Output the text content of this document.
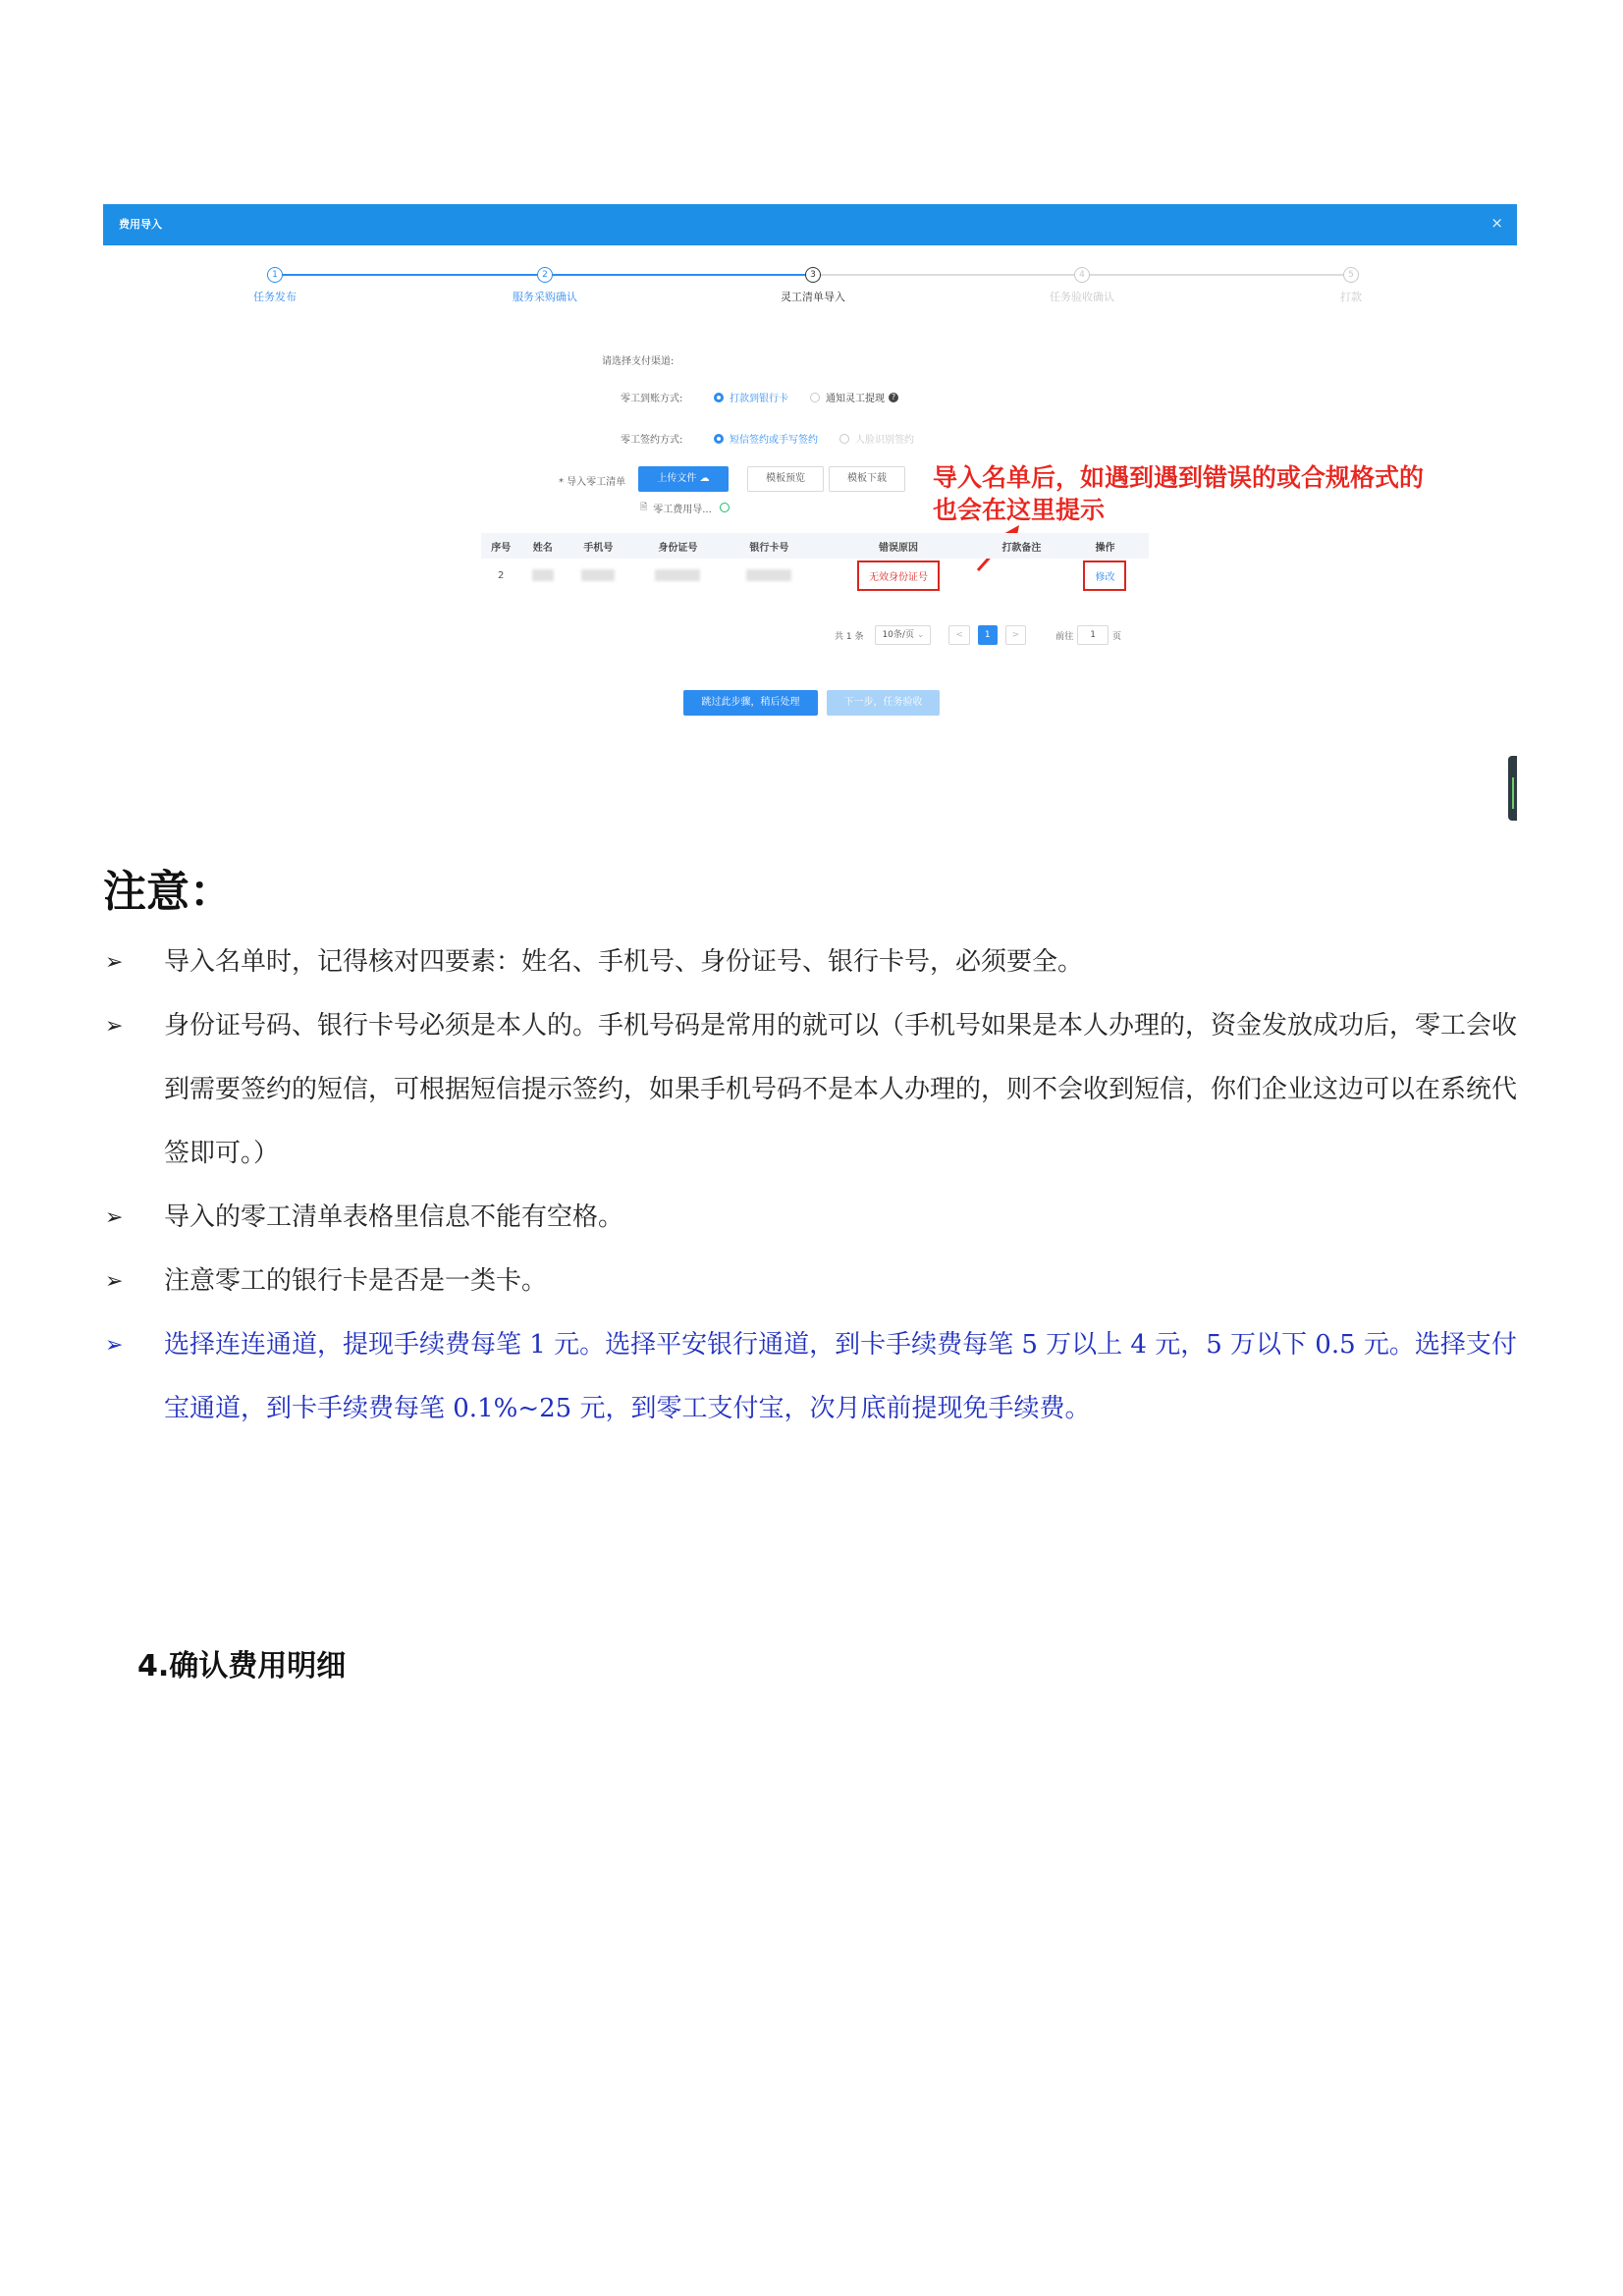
费用导入	×
1
任务发布
2
服务采购确认
3
灵工清单导入
4
任务验收确认
5
打款
请选择支付渠道:
零工到账方式:	打款到银行卡	通知灵工提现 ?
零工签约方式:	短信签约或手写签约	人脸识别签约
* 导入零工清单	上传文件 ☁	模板预览	模板下载
🗎 零工费用导...
导入名单后，如遇到遇到错误的或合规格式的
也会在这里提示
序号	姓名	手机号	身份证号	银行卡号	错误原因	打款备注	操作
2					无效身份证号		修改
共 1 条	10条/页 ⌄	<	1	>	前往	1	页
跳过此步骤，稍后处理	下一步，任务验收
注意：
➢ 导入名单时，记得核对四要素：姓名、手机号、身份证号、银行卡号，必须要全。
➢ 身份证号码、银行卡号必须是本人的。手机号码是常用的就可以（手机号如果是本人办理的，资金发放成功后，零工会收到需要签约的短信，可根据短信提示签约，如果手机号码不是本人办理的，则不会收到短信，你们企业这边可以在系统代签即可。）
➢ 导入的零工清单表格里信息不能有空格。
➢ 注意零工的银行卡是否是一类卡。
➢ 选择连连通道，提现手续费每笔 1 元。选择平安银行通道，到卡手续费每笔 5 万以上 4 元，5 万以下 0.5 元。选择支付宝通道，到卡手续费每笔 0.1%~25 元，到零工支付宝，次月底前提现免手续费。
4.确认费用明细
